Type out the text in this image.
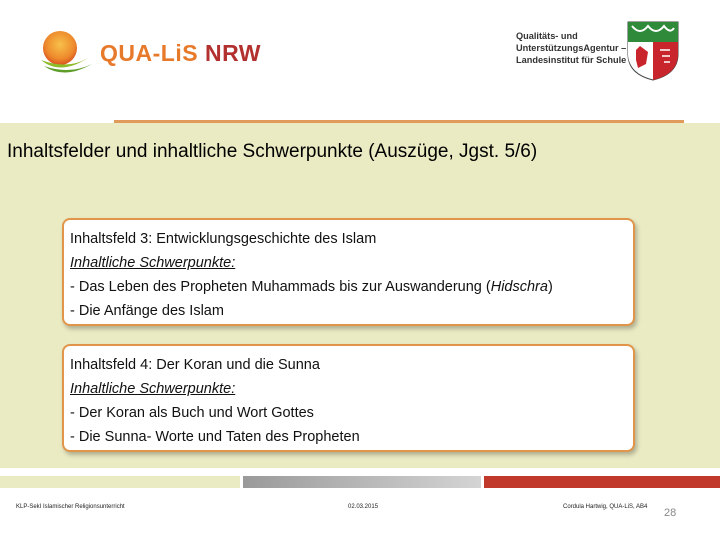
QUA-LiS NRW
Qualitäts- und
UnterstützungsAgentur –
Landesinstitut für Schule
Inhaltsfelder und inhaltliche Schwerpunkte (Auszüge, Jgst. 5/6)
Inhaltsfeld 3: Entwicklungsgeschichte des Islam
Inhaltliche Schwerpunkte:
- Das Leben des Propheten Muhammads bis zur Auswanderung (Hidschra)
- Die Anfänge des Islam
Inhaltsfeld 4: Der Koran und die Sunna
Inhaltliche Schwerpunkte:
- Der Koran als Buch und Wort Gottes
- Die Sunna- Worte und Taten des Propheten
KLP-SekI Islamischer Religionsunterricht	02.03.2015	Cordula Hartwig, QUA-LiS, AB4 28
